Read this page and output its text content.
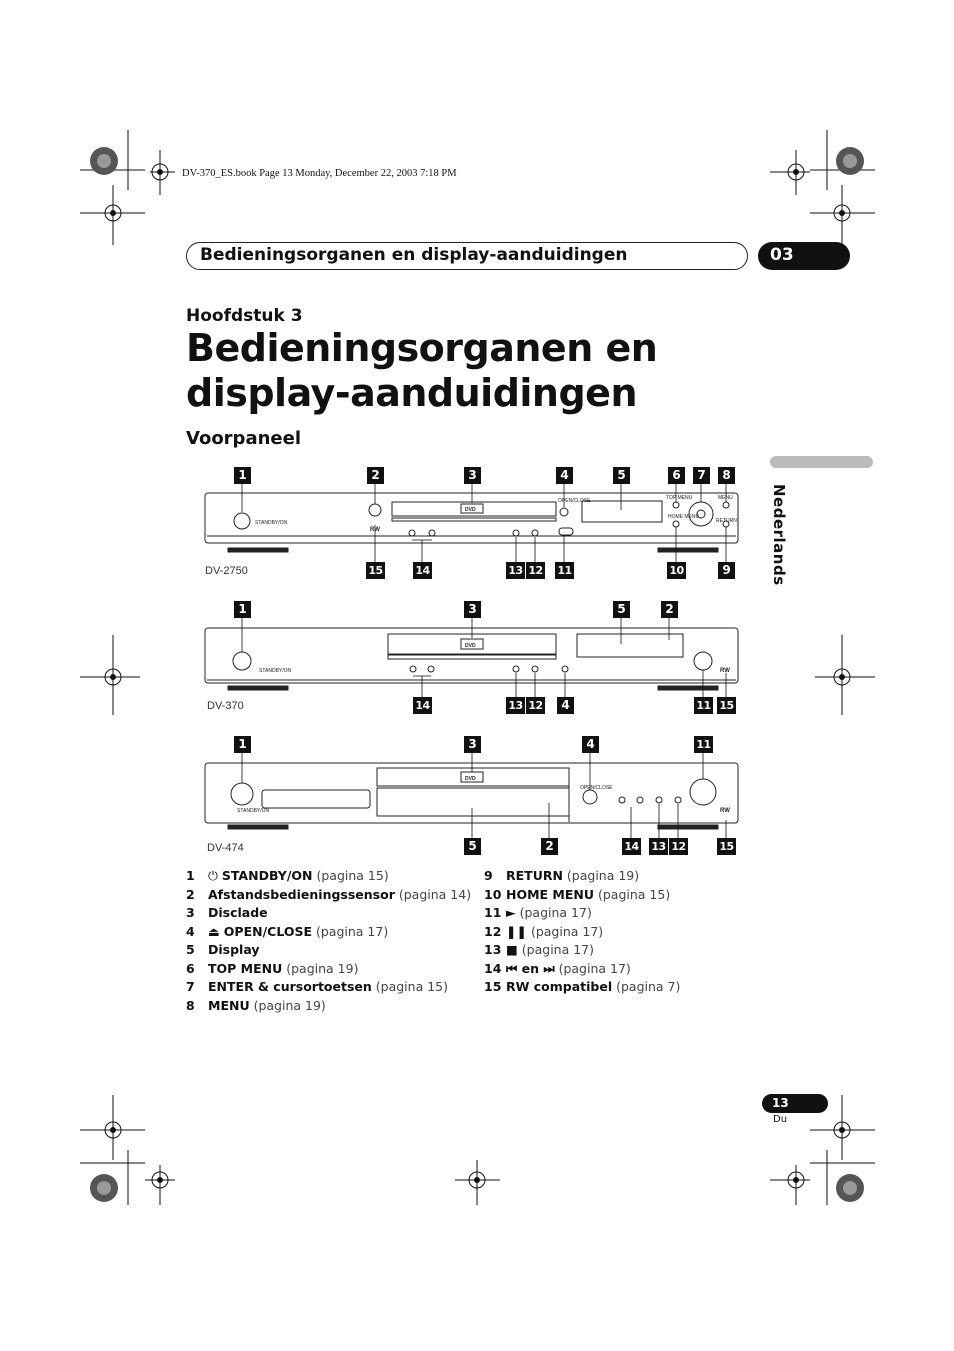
DV-370_ES.book Page 13 Monday, December 22, 2003 7:18 PM
Bedieningsorganen en display-aanduidingen	03
Hoofdstuk 3
Bedieningsorganen en display-aanduidingen
Voorpaneel
Nederlands
STANDBY/ON
OPEN/CLOSE	TOP MENU	MENU
HOME MENU
RETURN
DVD
RW
STANDBY/ON
DVD
RW
STANDBY/ON
OPEN/CLOSE
DVD
RW
DV-2750
DV-370
DV-474
1	2	3	4	5	6	7	8
15	14	13 12 11	10	9
1	3	5	2
14	13 12	4	11 15
1	3	4	11
5	2	14 13 12	15
1 ⏻ STANDBY/ON (pagina 15)
2 Afstandsbedieningssensor (pagina 14)
3 Disclade
4 ⏏ OPEN/CLOSE (pagina 17)
5 Display
6 TOP MENU (pagina 19)
7 ENTER & cursortoetsen (pagina 15)
8 MENU (pagina 19)
9 RETURN (pagina 19)
10 HOME MENU (pagina 15)
11 ► (pagina 17)
12 ❚❚ (pagina 17)
13 ■ (pagina 17)
14 ⏮ en ⏭ (pagina 17)
15 RW compatibel (pagina 7)
13
Du
